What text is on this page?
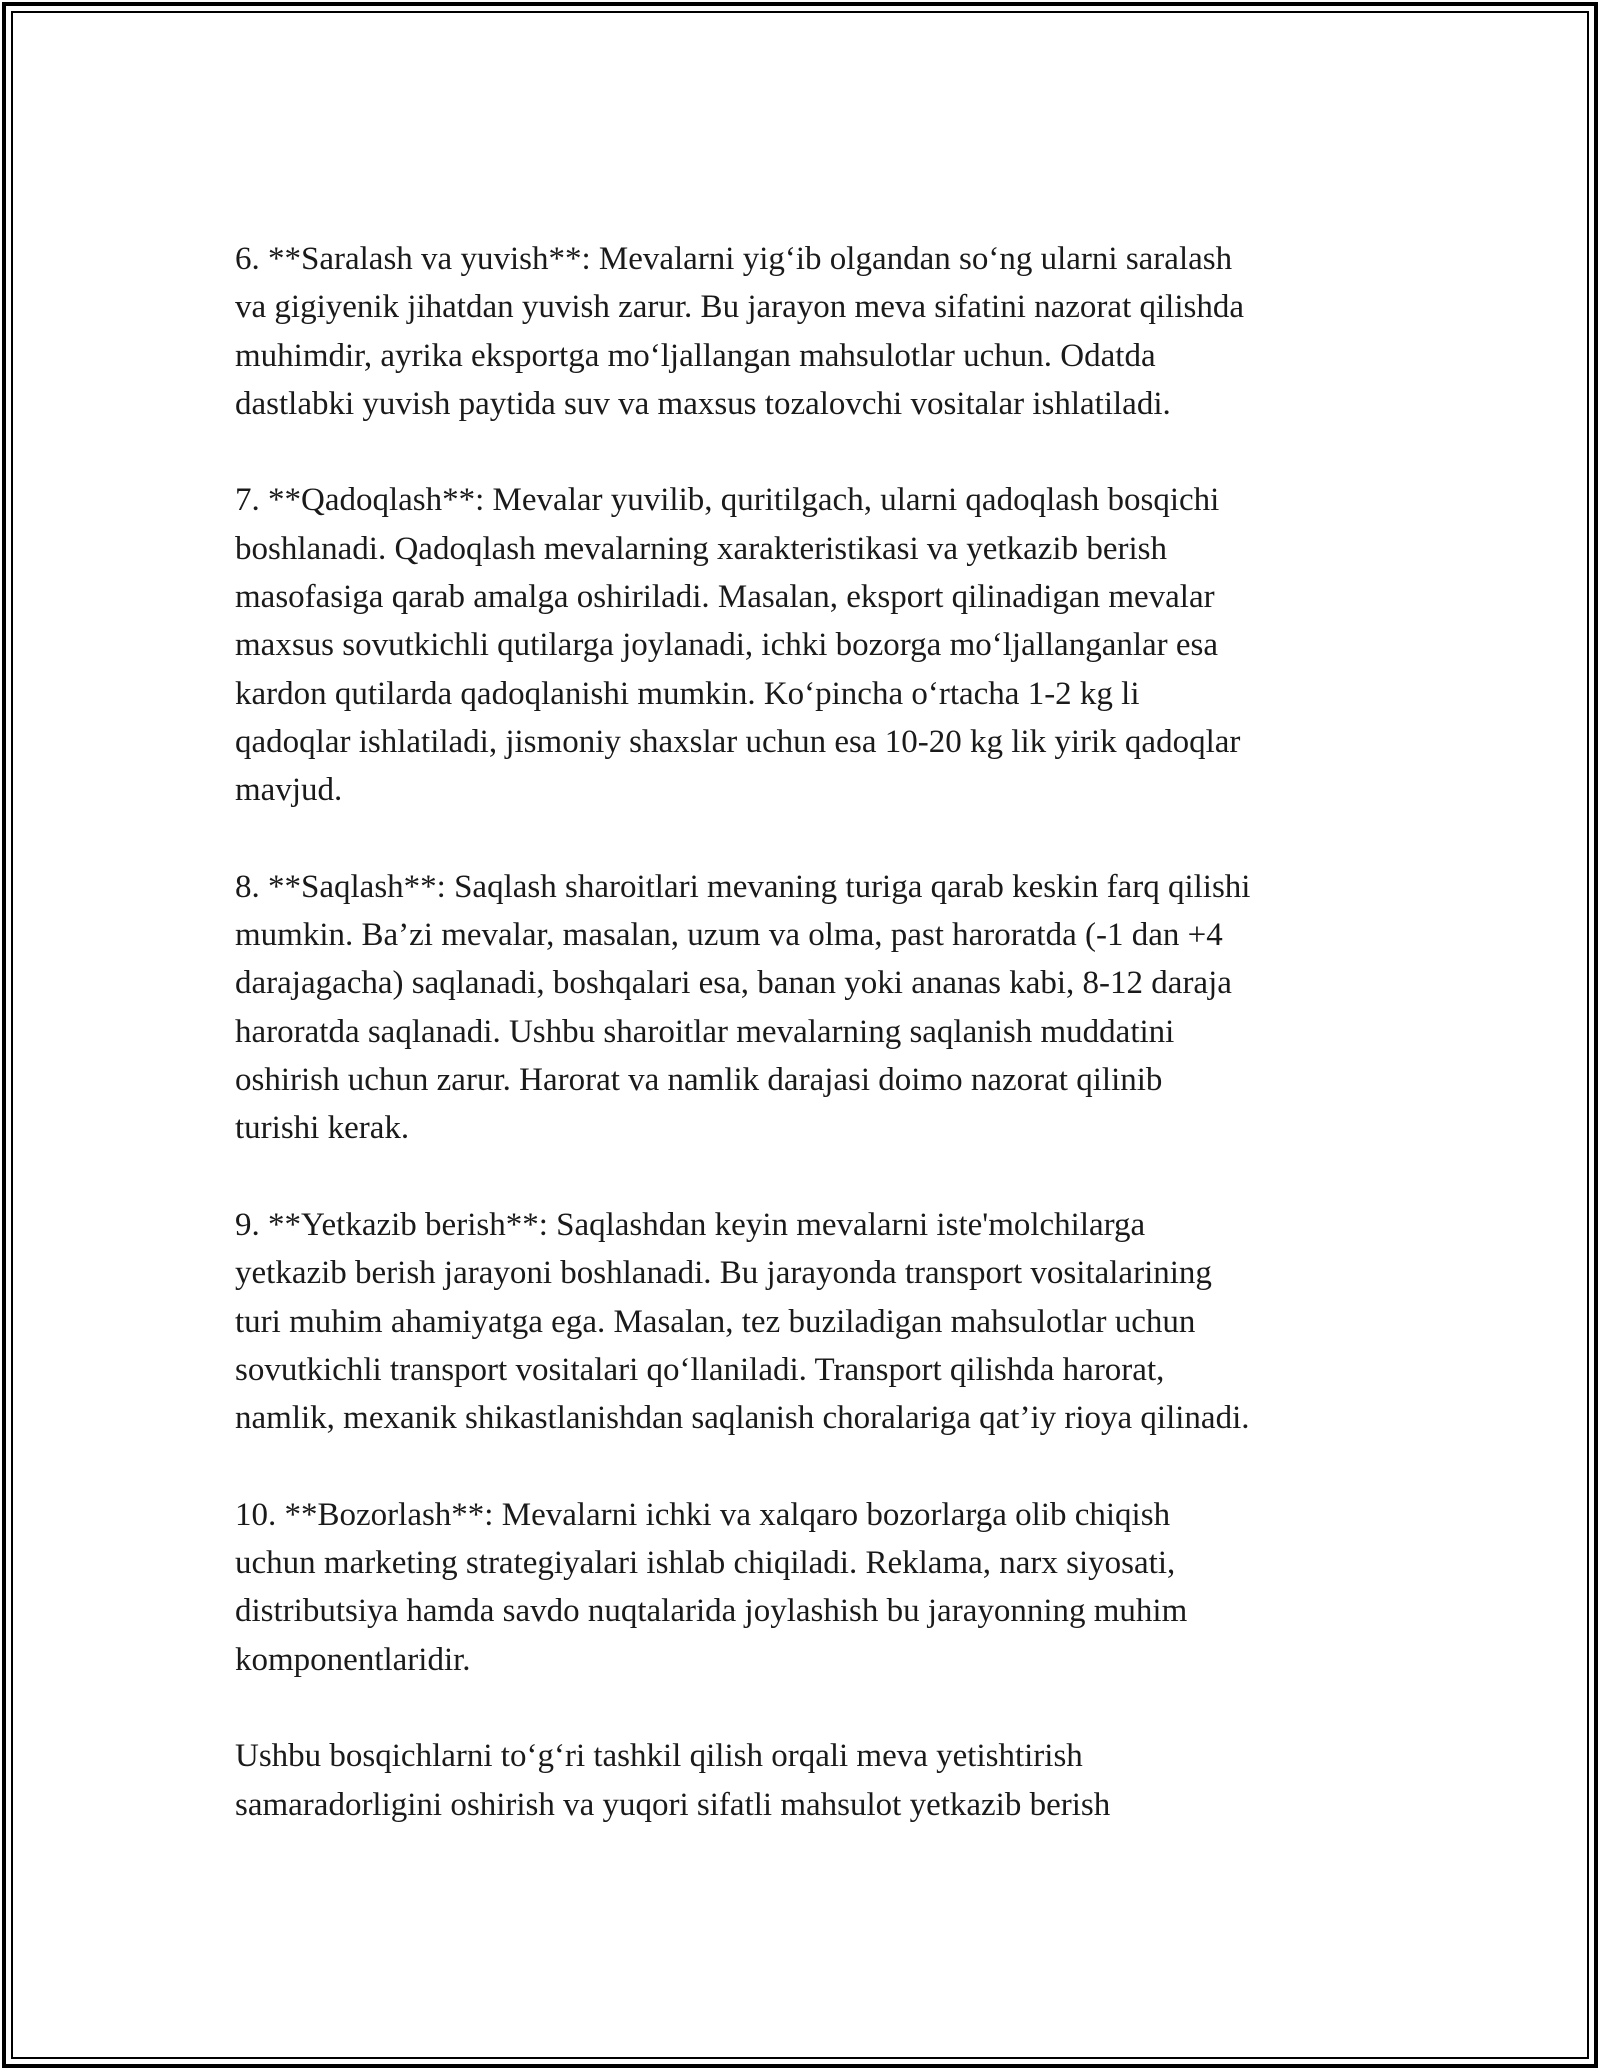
6. **Saralash va yuvish**: Mevalarni yig‘ib olgandan so‘ng ularni saralash
va gigiyenik jihatdan yuvish zarur. Bu jarayon meva sifatini nazorat qilishda
muhimdir, ayrika eksportga mo‘ljallangan mahsulotlar uchun. Odatda
dastlabki yuvish paytida suv va maxsus tozalovchi vositalar ishlatiladi.

7. **Qadoqlash**: Mevalar yuvilib, quritilgach, ularni qadoqlash bosqichi
boshlanadi. Qadoqlash mevalarning xarakteristikasi va yetkazib berish
masofasiga qarab amalga oshiriladi. Masalan, eksport qilinadigan mevalar
maxsus sovutkichli qutilarga joylanadi, ichki bozorga mo‘ljallanganlar esa
kardon qutilarda qadoqlanishi mumkin. Ko‘pincha o‘rtacha 1-2 kg li
qadoqlar ishlatiladi, jismoniy shaxslar uchun esa 10-20 kg lik yirik qadoqlar
mavjud.

8. **Saqlash**: Saqlash sharoitlari mevaning turiga qarab keskin farq qilishi
mumkin. Ba’zi mevalar, masalan, uzum va olma, past haroratda (-1 dan +4
darajagacha) saqlanadi, boshqalari esa, banan yoki ananas kabi, 8-12 daraja
haroratda saqlanadi. Ushbu sharoitlar mevalarning saqlanish muddatini
oshirish uchun zarur. Harorat va namlik darajasi doimo nazorat qilinib
turishi kerak.

9. **Yetkazib berish**: Saqlashdan keyin mevalarni iste'molchilarga
yetkazib berish jarayoni boshlanadi. Bu jarayonda transport vositalarining
turi muhim ahamiyatga ega. Masalan, tez buziladigan mahsulotlar uchun
sovutkichli transport vositalari qo‘llaniladi. Transport qilishda harorat,
namlik, mexanik shikastlanishdan saqlanish choralariga qat’iy rioya qilinadi.

10. **Bozorlash**: Mevalarni ichki va xalqaro bozorlarga olib chiqish
uchun marketing strategiyalari ishlab chiqiladi. Reklama, narx siyosati,
distributsiya hamda savdo nuqtalarida joylashish bu jarayonning muhim
komponentlaridir.

Ushbu bosqichlarni to‘g‘ri tashkil qilish orqali meva yetishtirish
samaradorligini oshirish va yuqori sifatli mahsulot yetkazib berish
